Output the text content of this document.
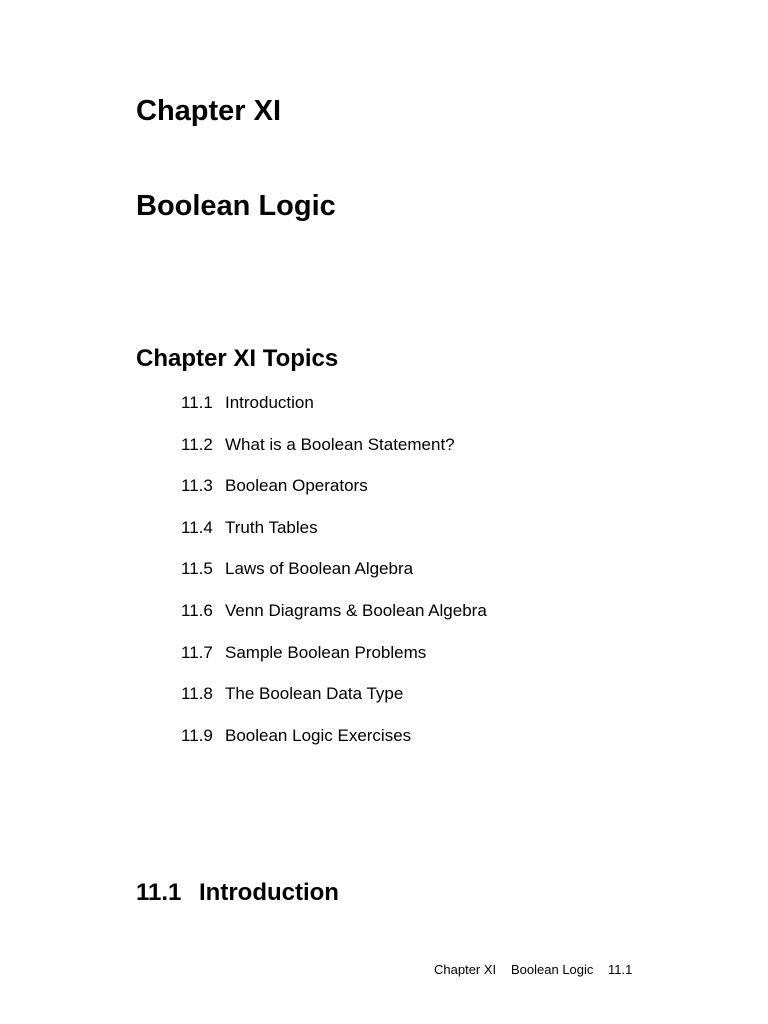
Chapter XI
Boolean Logic
Chapter XI Topics
11.1 Introduction
11.2 What is a Boolean Statement?
11.3 Boolean Operators
11.4 Truth Tables
11.5 Laws of Boolean Algebra
11.6 Venn Diagrams & Boolean Algebra
11.7 Sample Boolean Problems
11.8 The Boolean Data Type
11.9 Boolean Logic Exercises
11.1 Introduction
Chapter XI Boolean Logic 11.1
